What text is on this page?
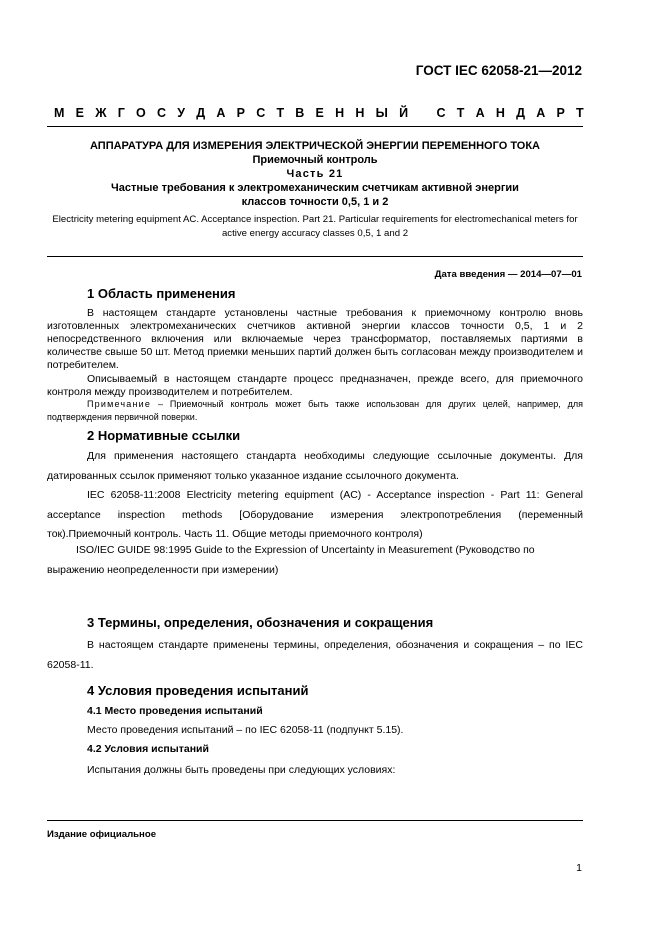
ГОСТ IEC 62058-21—2012
М Е Ж Г О С У Д А Р С Т В Е Н Н Ы Й С Т А Н Д А Р Т
АППАРАТУРА ДЛЯ ИЗМЕРЕНИЯ ЭЛЕКТРИЧЕСКОЙ ЭНЕРГИИ ПЕРЕМЕННОГО ТОКА
Приемочный контроль
Часть 21
Частные требования к электромеханическим счетчикам активной энергии
классов точности 0,5, 1 и 2
Electricity metering equipment AC. Acceptance inspection. Part 21. Particular requirements for electromechanical meters for active energy accuracy classes 0,5, 1 and 2
Дата введения — 2014—07—01
1 Область применения
В настоящем стандарте установлены частные требования к приемочному контролю вновь изготовленных электромеханических счетчиков активной энергии классов точности 0,5, 1 и 2 непосредственного включения или включаемые через трансформатор, поставляемых партиями в количестве свыше 50 шт. Метод приемки меньших партий должен быть согласован между производителем и потребителем.
Описываемый в настоящем стандарте процесс предназначен, прежде всего, для приемочного контроля между производителем и потребителем.
Примечание – Приемочный контроль может быть также использован для других целей, например, для подтверждения первичной поверки.
2 Нормативные ссылки
Для применения настоящего стандарта необходимы следующие ссылочные документы. Для датированных ссылок применяют только указанное издание ссылочного документа.
IEC 62058-11:2008 Electricity metering equipment (AC) - Acceptance inspection - Part 11: General acceptance inspection methods [Оборудование измерения электропотребления (переменный ток).Приемочный контроль. Часть 11. Общие методы приемочного контроля)
ISO/IEC GUIDE 98:1995 Guide to the Expression of Uncertainty in Measurement (Руководство по
выражению неопределенности при измерении)
3 Термины, определения, обозначения и сокращения
В настоящем стандарте применены термины, определения, обозначения и сокращения – по IEC 62058-11.
4 Условия проведения испытаний
4.1 Место проведения испытаний
Место проведения испытаний – по IEC 62058-11 (подпункт 5.15).
4.2 Условия испытаний
Испытания должны быть проведены при следующих условиях:
Издание официальное
1
